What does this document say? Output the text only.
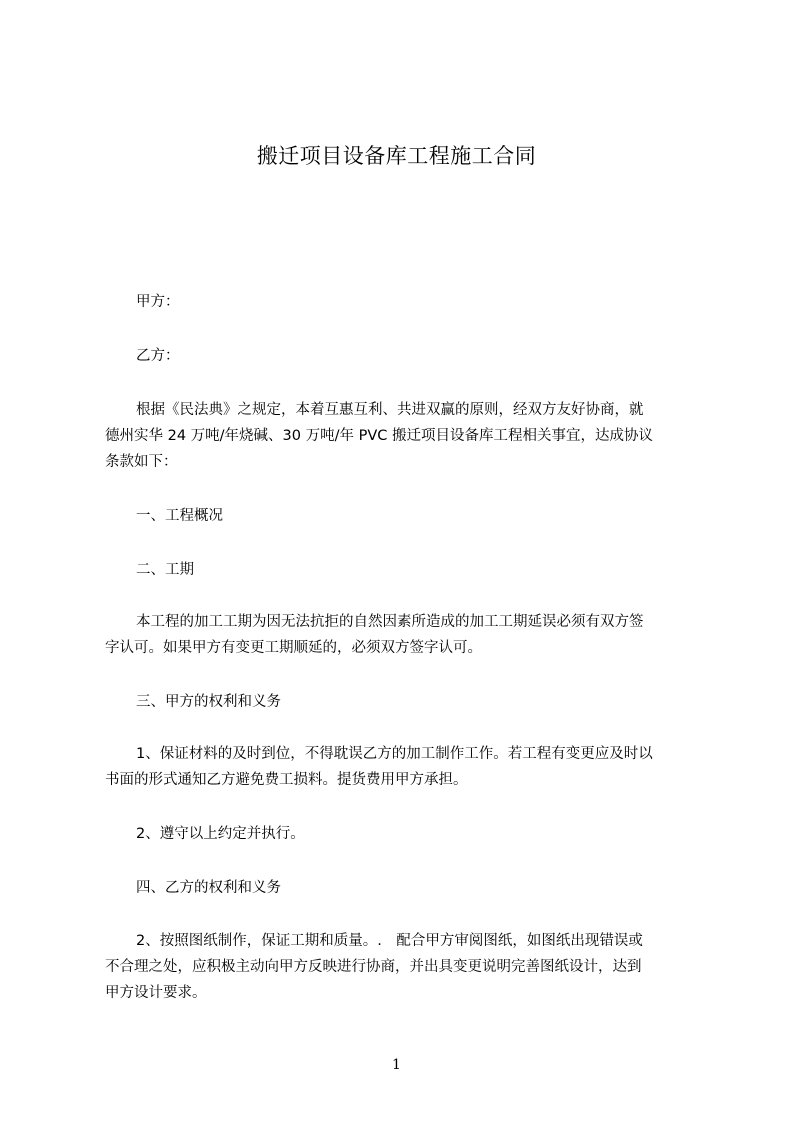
搬迁项目设备库工程施工合同
甲方：
乙方：
根据《民法典》之规定，本着互惠互利、共进双赢的原则，经双方友好协商，就
德州实华 24 万吨/年烧碱、30 万吨/年 PVC 搬迁项目设备库工程相关事宜，达成协议
条款如下：
一、工程概况
二、工期
本工程的加工工期为因无法抗拒的自然因素所造成的加工工期延误必须有双方签
字认可。如果甲方有变更工期顺延的，必须双方签字认可。
三、甲方的权利和义务
1、保证材料的及时到位，不得耽误乙方的加工制作工作。若工程有变更应及时以
书面的形式通知乙方避免费工损料。提货费用甲方承担。
2、遵守以上约定并执行。
四、乙方的权利和义务
2、按照图纸制作，保证工期和质量。.　配合甲方审阅图纸，如图纸出现错误或
不合理之处，应积极主动向甲方反映进行协商，并出具变更说明完善图纸设计，达到
甲方设计要求。
1
